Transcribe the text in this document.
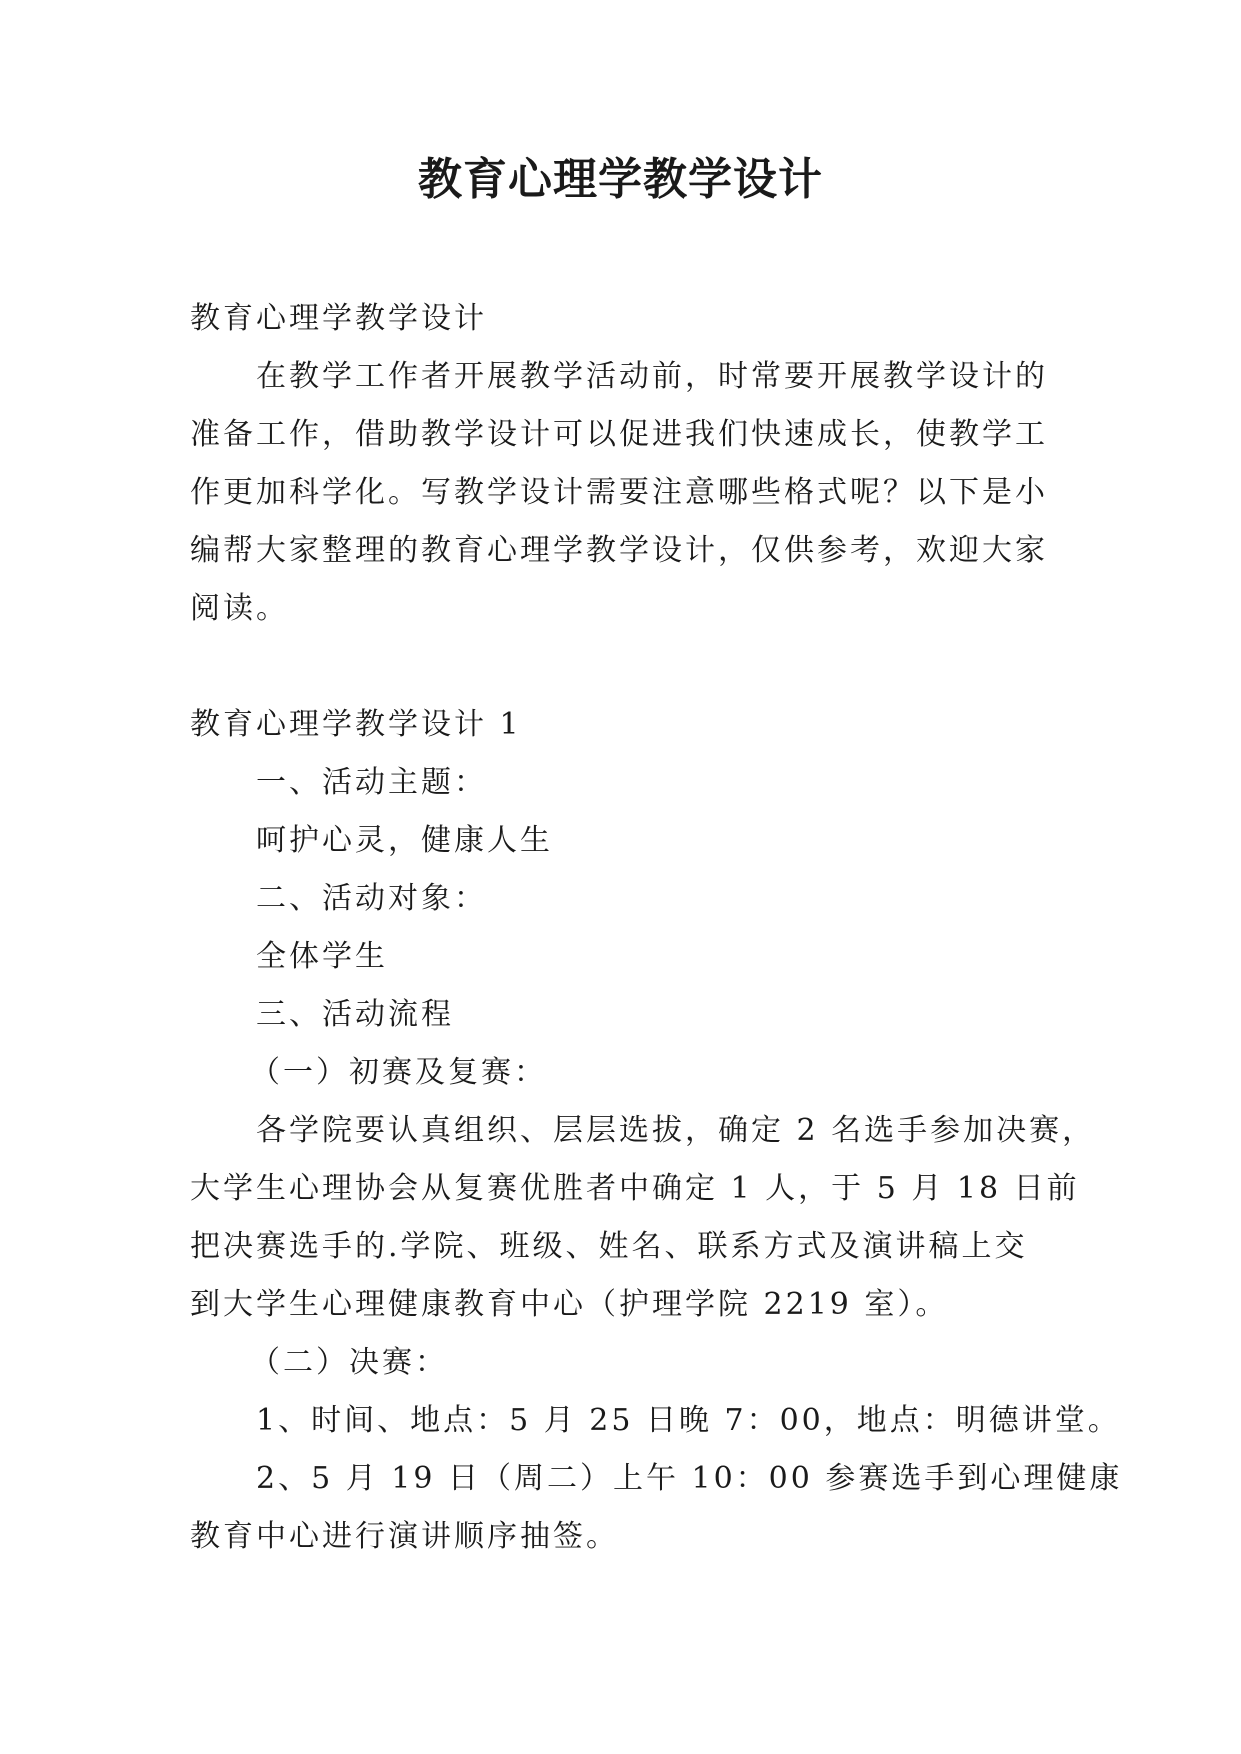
教育心理学教学设计
教育心理学教学设计
在教学工作者开展教学活动前，时常要开展教学设计的
准备工作，借助教学设计可以促进我们快速成长，使教学工
作更加科学化。写教学设计需要注意哪些格式呢？以下是小
编帮大家整理的教育心理学教学设计，仅供参考，欢迎大家
阅读。
教育心理学教学设计 1
一、活动主题：
呵护心灵，健康人生
二、活动对象：
全体学生
三、活动流程
（一）初赛及复赛：
各学院要认真组织、层层选拔，确定 2 名选手参加决赛，
大学生心理协会从复赛优胜者中确定 1 人，于 5 月 18 日前
把决赛选手的.学院、班级、姓名、联系方式及演讲稿上交
到大学生心理健康教育中心（护理学院 2219 室）。
（二）决赛：
1、时间、地点：5 月 25 日晚 7：00，地点：明德讲堂。
2、5 月 19 日（周二）上午 10：00 参赛选手到心理健康
教育中心进行演讲顺序抽签。
